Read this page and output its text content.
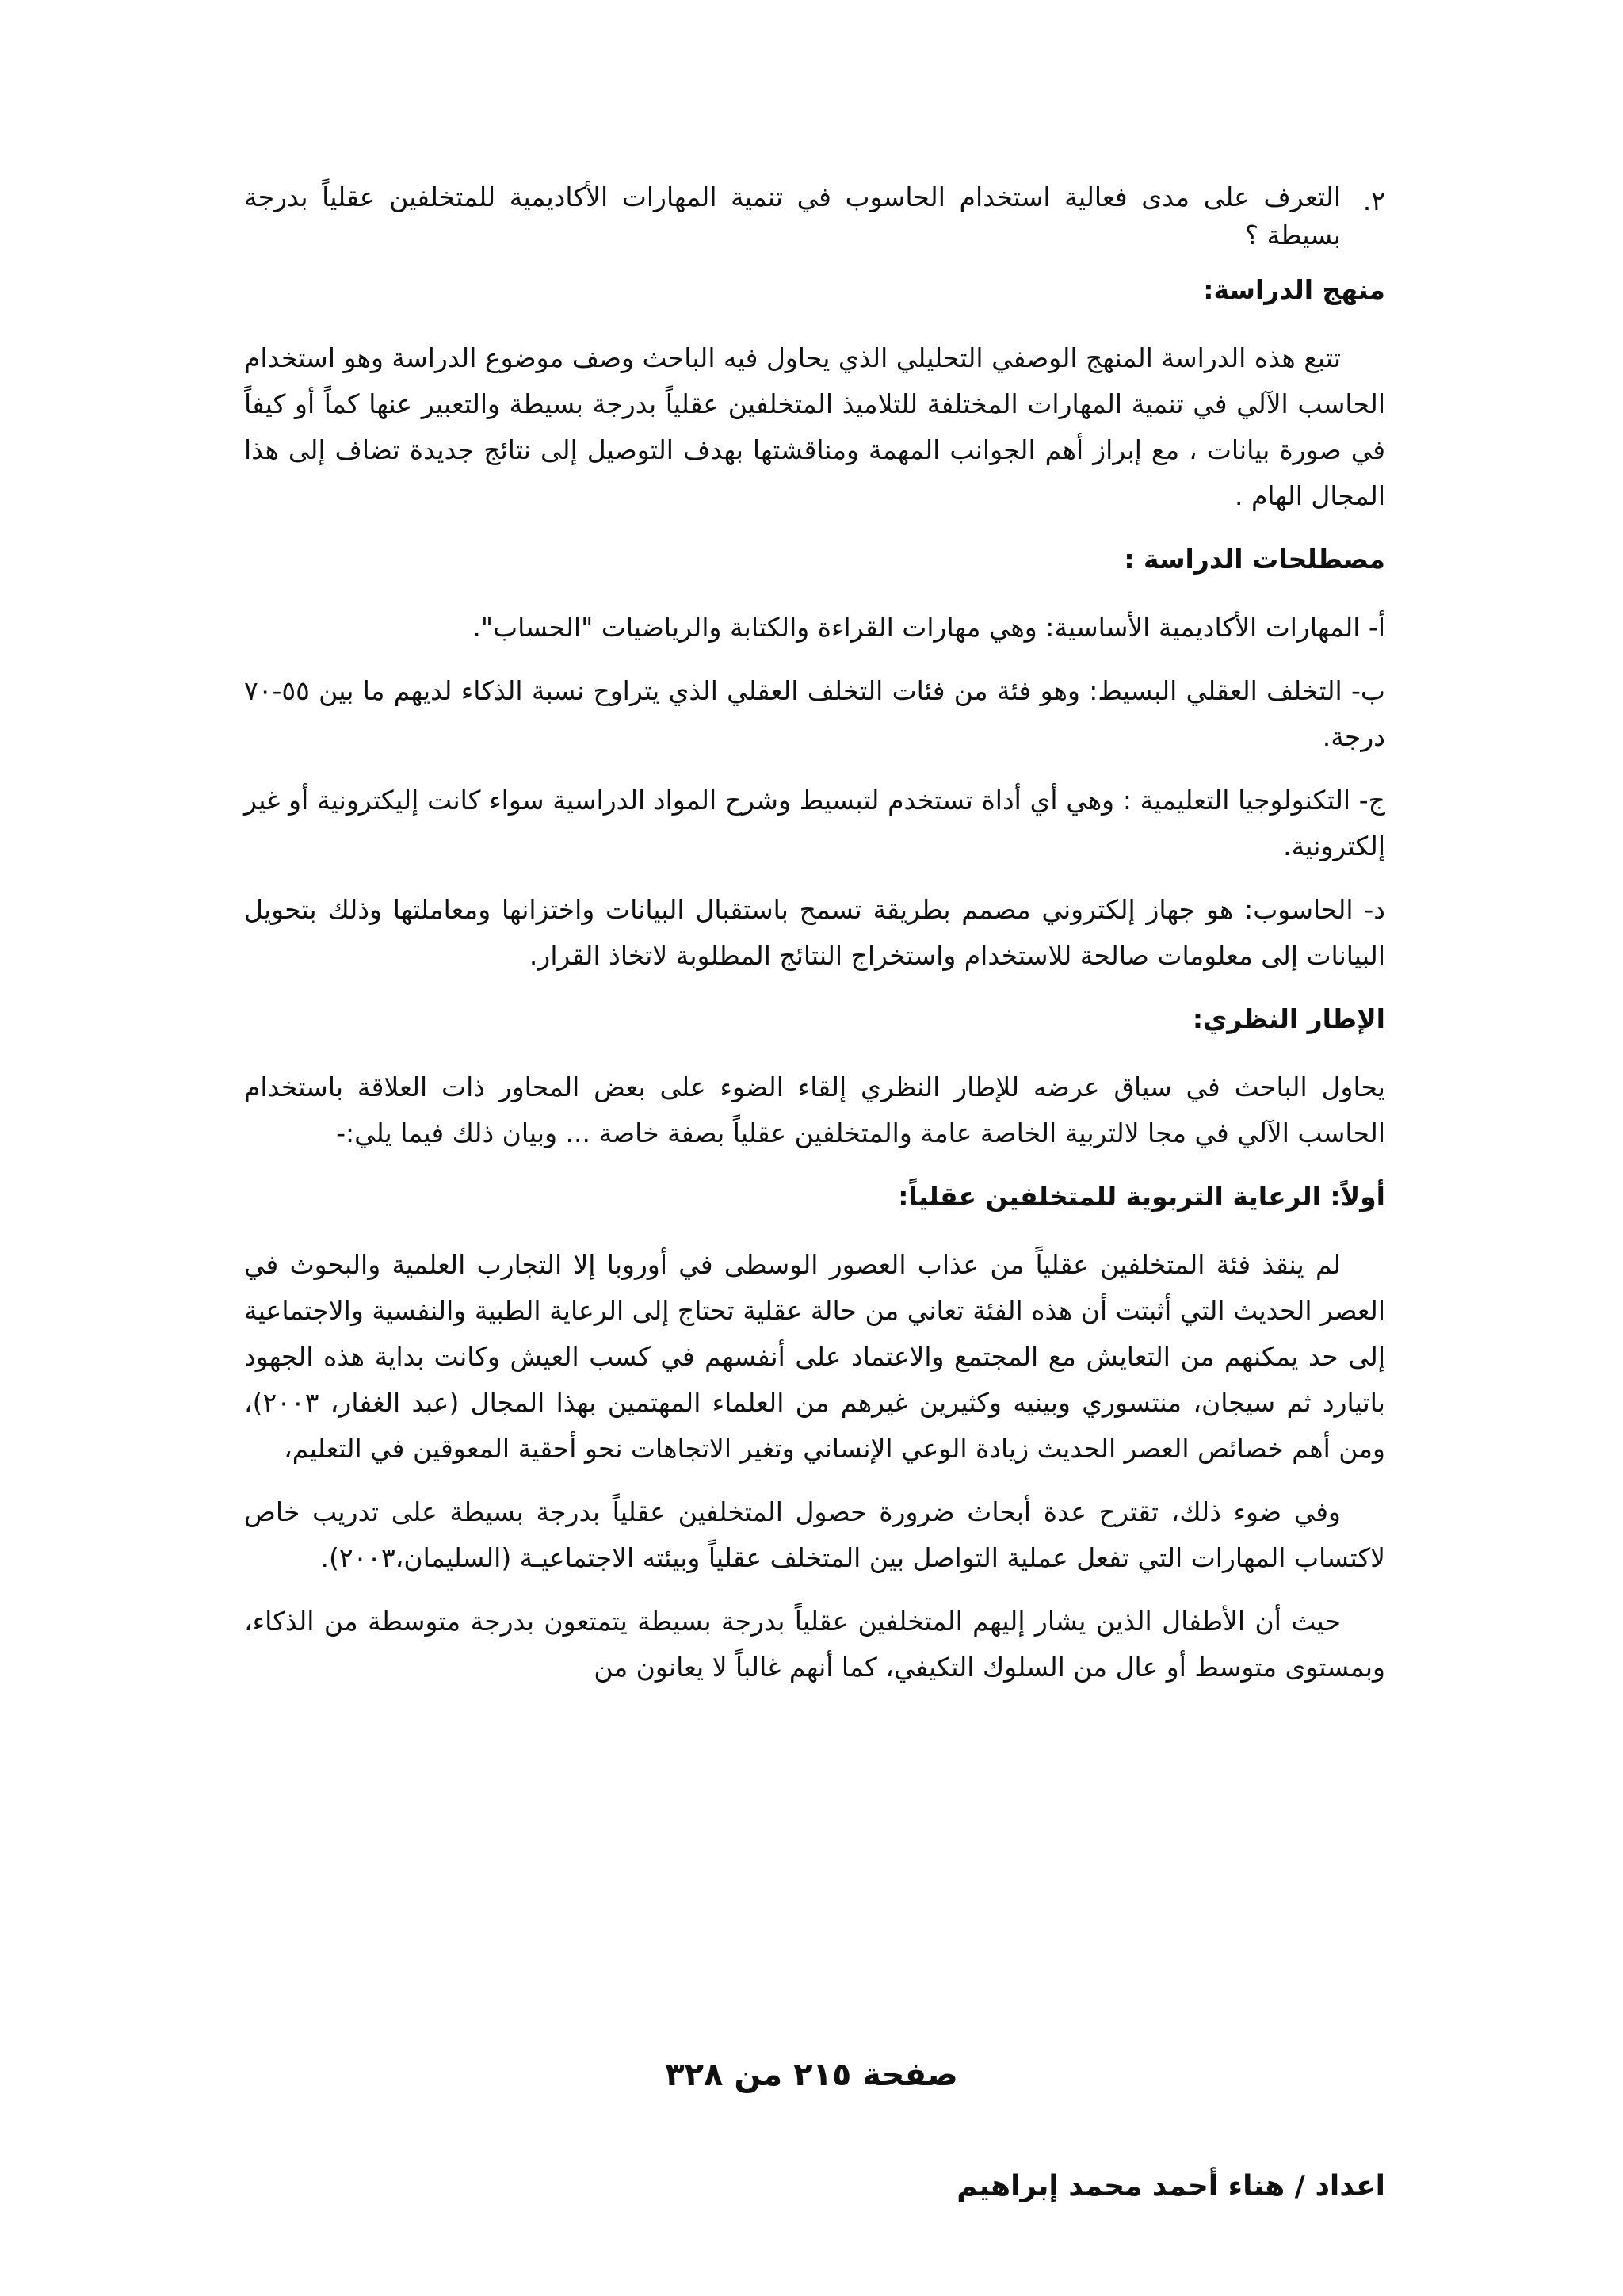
٢.
التعرف على مدى فعالية استخدام الحاسوب في تنمية المهارات الأكاديمية للمتخلفين عقلياً بدرجة بسيطة ؟
منهج الدراسة:

تتبع هذه الدراسة المنهج الوصفي التحليلي الذي يحاول فيه الباحث وصف موضوع الدراسة وهو استخدام الحاسب الآلي في تنمية المهارات المختلفة للتلاميذ المتخلفين عقلياً بدرجة بسيطة والتعبير عنها كماً أو كيفاً في صورة بيانات ، مع إبراز أهم الجوانب المهمة ومناقشتها بهدف التوصيل إلى نتائج جديدة تضاف إلى هذا المجال الهام .

مصطلحات الدراسة :

أ- المهارات الأكاديمية الأساسية: وهي مهارات القراءة والكتابة والرياضيات "الحساب".

ب- التخلف العقلي البسيط: وهو فئة من فئات التخلف العقلي الذي يتراوح نسبة الذكاء لديهم ما بين ٥٥-٧٠ درجة.

ج- التكنولوجيا التعليمية : وهي أي أداة تستخدم لتبسيط وشرح المواد الدراسية سواء كانت إليكترونية أو غير إلكترونية.

د- الحاسوب: هو جهاز إلكتروني مصمم بطريقة تسمح باستقبال البيانات واختزانها ومعاملتها وذلك بتحويل البيانات إلى معلومات صالحة للاستخدام واستخراج النتائج المطلوبة لاتخاذ القرار.

الإطار النظري:

يحاول الباحث في سياق عرضه للإطار النظري إلقاء الضوء على بعض المحاور ذات العلاقة باستخدام الحاسب الآلي في مجا لالتربية الخاصة عامة والمتخلفين عقلياً بصفة خاصة ... وبيان ذلك فيما يلي:-

أولاً: الرعاية التربوية للمتخلفين عقلياً:

لم ينقذ فئة المتخلفين عقلياً من عذاب العصور الوسطى في أوروبا إلا التجارب العلمية والبحوث في العصر الحديث التي أثبتت أن هذه الفئة تعاني من حالة عقلية تحتاج إلى الرعاية الطبية والنفسية والاجتماعية إلى حد يمكنهم من التعايش مع المجتمع والاعتماد على أنفسهم في كسب العيش وكانت بداية هذه الجهود باتيارد ثم سيجان، منتسوري وبينيه وكثيرين غيرهم من العلماء المهتمين بهذا المجال (عبد الغفار، ٢٠٠٣)، ومن أهم خصائص العصر الحديث زيادة الوعي الإنساني وتغير الاتجاهات نحو أحقية المعوقين في التعليم،

وفي ضوء ذلك، تقترح عدة أبحاث ضرورة حصول المتخلفين عقلياً بدرجة بسيطة على تدريب خاص لاكتساب المهارات التي تفعل عملية التواصل بين المتخلف عقلياً وبيئته الاجتماعيـة (السليمان،٢٠٠٣).

حيث أن الأطفال الذين يشار إليهم المتخلفين عقلياً بدرجة بسيطة يتمتعون بدرجة متوسطة من الذكاء، وبمستوى متوسط أو عال من السلوك التكيفي، كما أنهم غالباً لا يعانون من

صفحة ٢١٥ من ٣٢٨
اعداد / هناء أحمد محمد إبراهيم
